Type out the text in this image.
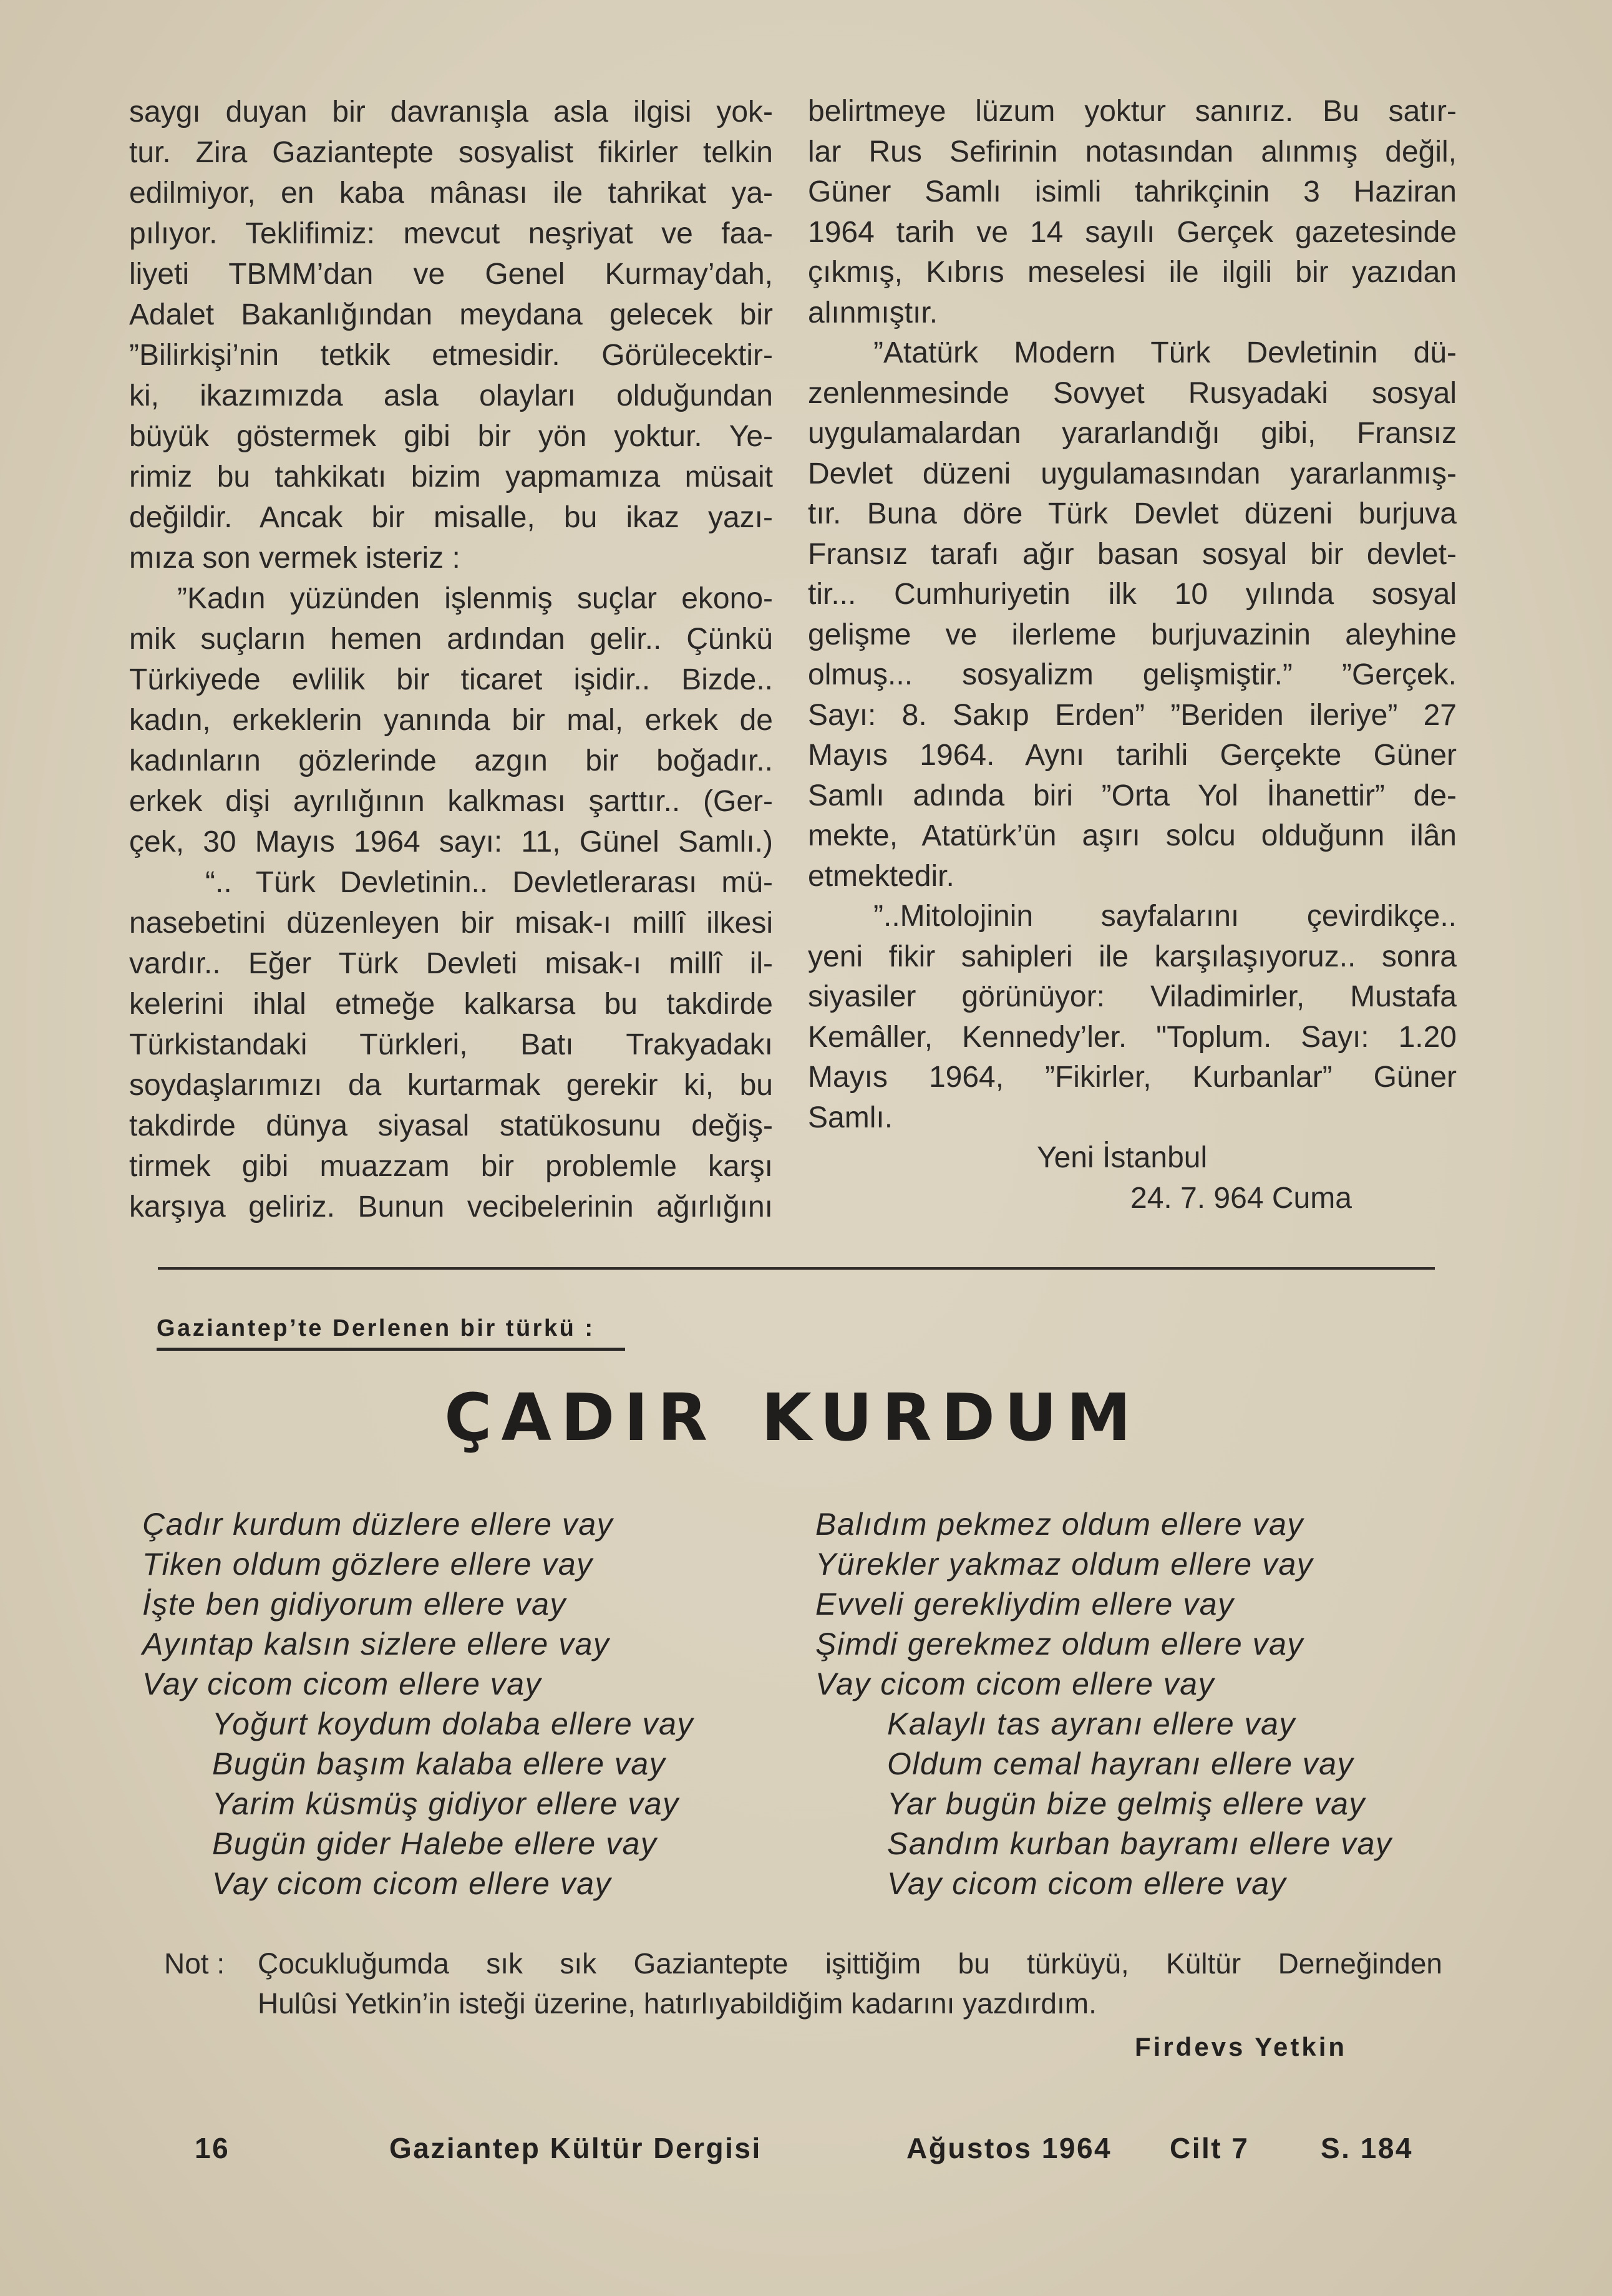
saygı duyan bir davranışla asla ilgisi yok-
tur. Zira Gaziantepte sosyalist fikirler telkin
edilmiyor, en kaba mânası ile tahrikat ya-
pılıyor. Teklifimiz: mevcut neşriyat ve faa-
liyeti TBMM’dan ve Genel Kurmay’dah,
Adalet Bakanlığından meydana gelecek bir
”Bilirkişi’nin tetkik etmesidir. Görülecektir-
ki, ikazımızda asla olayları olduğundan
büyük göstermek gibi bir yön yoktur. Ye-
rimiz bu tahkikatı bizim yapmamıza müsait
değildir. Ancak bir misalle, bu ikaz yazı-
mıza son vermek isteriz :
”Kadın yüzünden işlenmiş suçlar ekono-
mik suçların hemen ardından gelir.. Çünkü
Türkiyede evlilik bir ticaret işidir.. Bizde..
kadın, erkeklerin yanında bir mal, erkek de
kadınların gözlerinde azgın bir boğadır..
erkek dişi ayrılığının kalkması şarttır.. (Ger-
çek, 30 Mayıs 1964 sayı: 11, Günel Samlı.)
“.. Türk Devletinin.. Devletlerarası mü-
nasebetini düzenleyen bir misak-ı millî ilkesi
vardır.. Eğer Türk Devleti misak-ı millî il-
kelerini ihlal etmeğe kalkarsa bu takdirde
Türkistandaki Türkleri, Batı Trakyadakı
soydaşlarımızı da kurtarmak gerekir ki, bu
takdirde dünya siyasal statükosunu değiş-
tirmek gibi muazzam bir problemle karşı
karşıya geliriz. Bunun vecibelerinin ağırlığını
belirtmeye lüzum yoktur sanırız. Bu satır-
lar Rus Sefirinin notasından alınmış değil,
Güner Samlı isimli tahrikçinin 3 Haziran
1964 tarih ve 14 sayılı Gerçek gazetesinde
çıkmış, Kıbrıs meselesi ile ilgili bir yazıdan
alınmıştır.
”Atatürk Modern Türk Devletinin dü-
zenlenmesinde Sovyet Rusyadaki sosyal
uygulamalardan yararlandığı gibi, Fransız
Devlet düzeni uygulamasından yararlanmış-
tır. Buna döre Türk Devlet düzeni burjuva
Fransız tarafı ağır basan sosyal bir devlet-
tir... Cumhuriyetin ilk 10 yılında sosyal
gelişme ve ilerleme burjuvazinin aleyhine
olmuş... sosyalizm gelişmiştir.” ”Gerçek.
Sayı: 8. Sakıp Erden” ”Beriden ileriye” 27
Mayıs 1964. Aynı tarihli Gerçekte Güner
Samlı adında biri ”Orta Yol İhanettir” de-
mekte, Atatürk’ün aşırı solcu olduğunn ilân
etmektedir.
”..Mitolojinin sayfalarını çevirdikçe..
yeni fikir sahipleri ile karşılaşıyoruz.. sonra
siyasiler görünüyor: Viladimirler, Mustafa
Kemâller, Kennedy’ler. "Toplum. Sayı: 1.20
Mayıs 1964, ”Fikirler, Kurbanlar” Güner
Samlı.
Yeni İstanbul
24. 7. 964 Cuma
Gaziantep’te Derlenen bir türkü :
ÇADIR KURDUM
Çadır kurdum düzlere ellere vay
Tiken oldum gözlere ellere vay
İşte ben gidiyorum ellere vay
Ayıntap kalsın sizlere ellere vay
Vay cicom cicom ellere vay
Yoğurt koydum dolaba ellere vay
Bugün başım kalaba ellere vay
Yarim küsmüş gidiyor ellere vay
Bugün gider Halebe ellere vay
Vay cicom cicom ellere vay
Balıdım pekmez oldum ellere vay
Yürekler yakmaz oldum ellere vay
Evveli gerekliydim ellere vay
Şimdi gerekmez oldum ellere vay
Vay cicom cicom ellere vay
Kalaylı tas ayranı ellere vay
Oldum cemal hayranı ellere vay
Yar bugün bize gelmiş ellere vay
Sandım kurban bayramı ellere vay
Vay cicom cicom ellere vay
Not : Çocukluğumda sık sık Gaziantepte işittiğim bu türküyü, Kültür Derneğinden
Hulûsi Yetkin’in isteği üzerine, hatırlıyabildiğim kadarını yazdırdım.
Firdevs Yetkin
16	Gaziantep Kültür Dergisi	Ağustos 1964 Cilt 7 S. 184
